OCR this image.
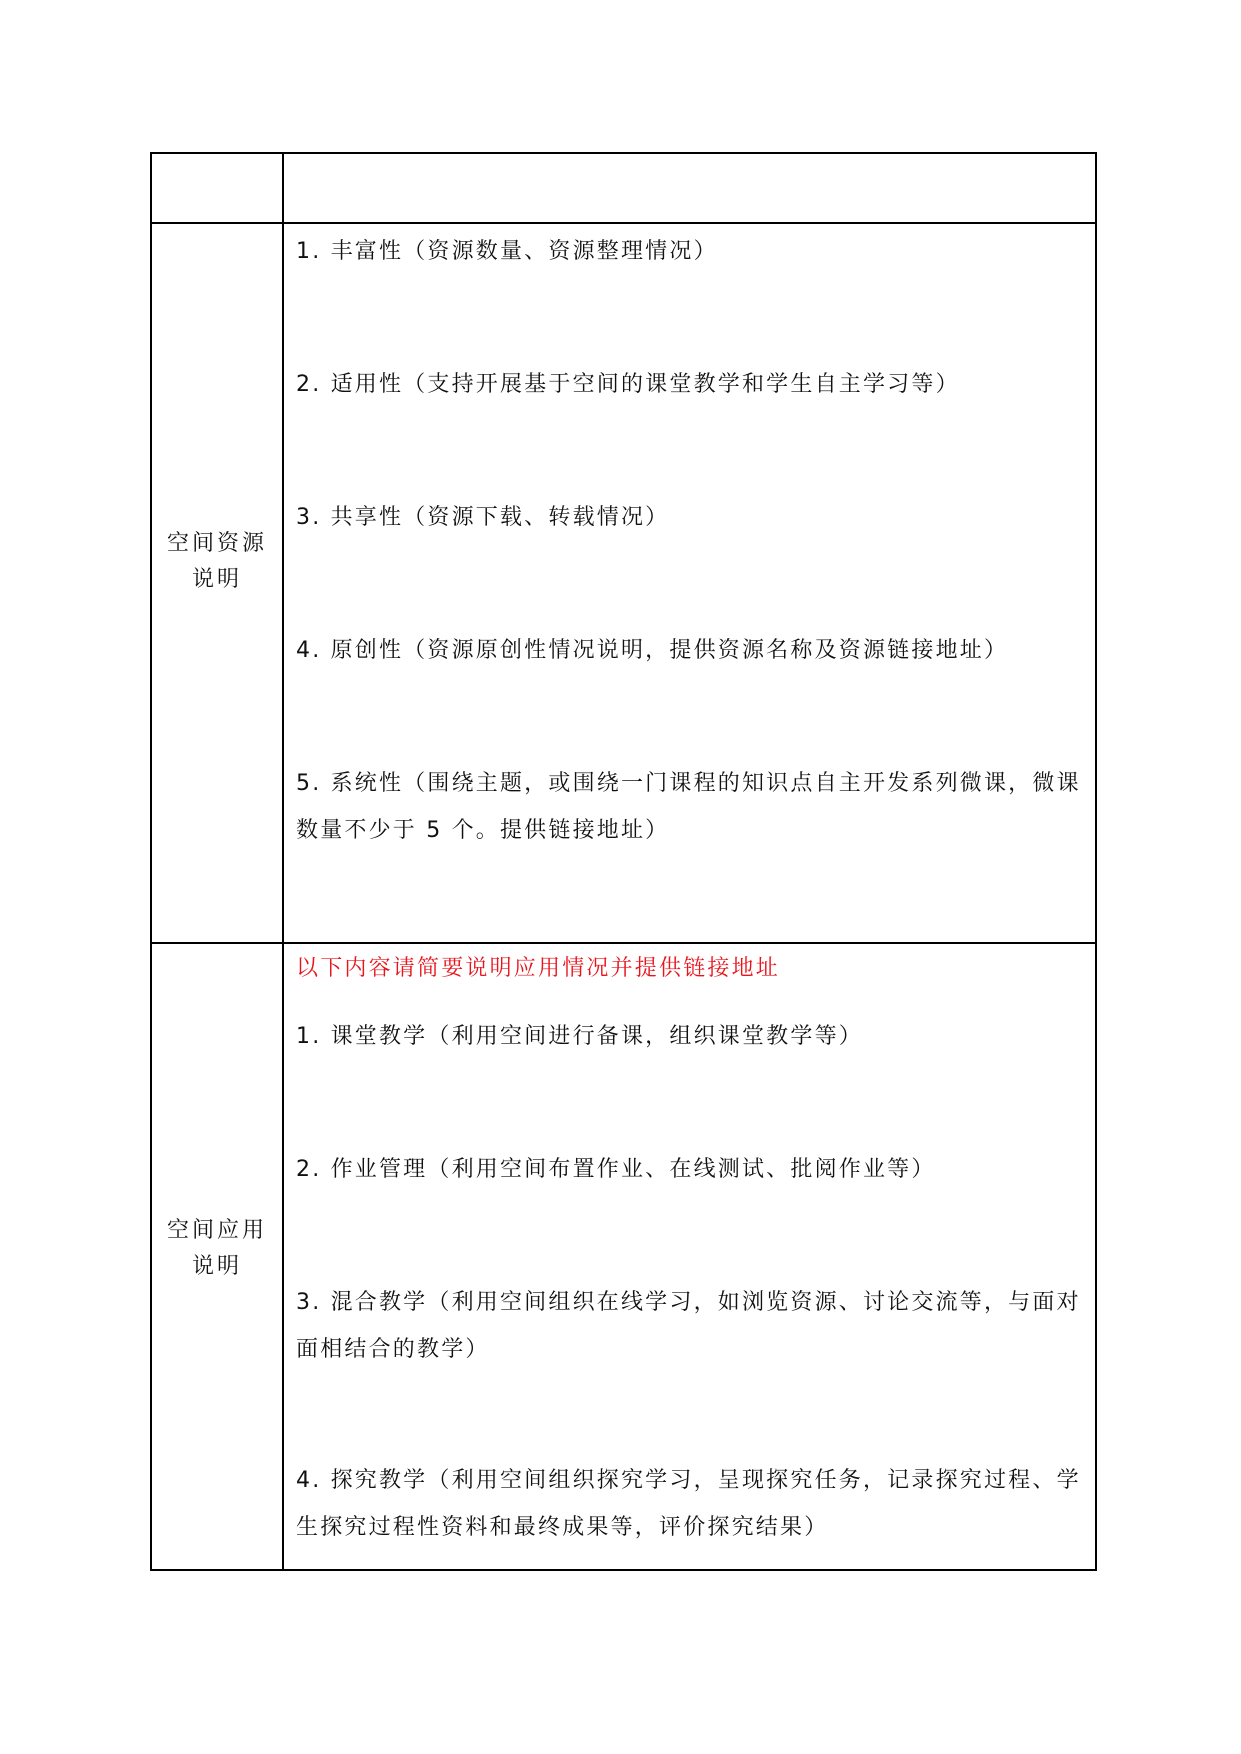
空间资源
说明
1. 丰富性（资源数量、资源整理情况）
2. 适用性（支持开展基于空间的课堂教学和学生自主学习等）
3. 共享性（资源下载、转载情况）
4. 原创性（资源原创性情况说明，提供资源名称及资源链接地址）
5. 系统性（围绕主题，或围绕一门课程的知识点自主开发系列微课，微课数量不少于 5 个。提供链接地址）
空间应用
说明
以下内容请简要说明应用情况并提供链接地址
1. 课堂教学（利用空间进行备课，组织课堂教学等）
2. 作业管理（利用空间布置作业、在线测试、批阅作业等）
3. 混合教学（利用空间组织在线学习，如浏览资源、讨论交流等，与面对面相结合的教学）
4. 探究教学（利用空间组织探究学习，呈现探究任务，记录探究过程、学生探究过程性资料和最终成果等，评价探究结果）
